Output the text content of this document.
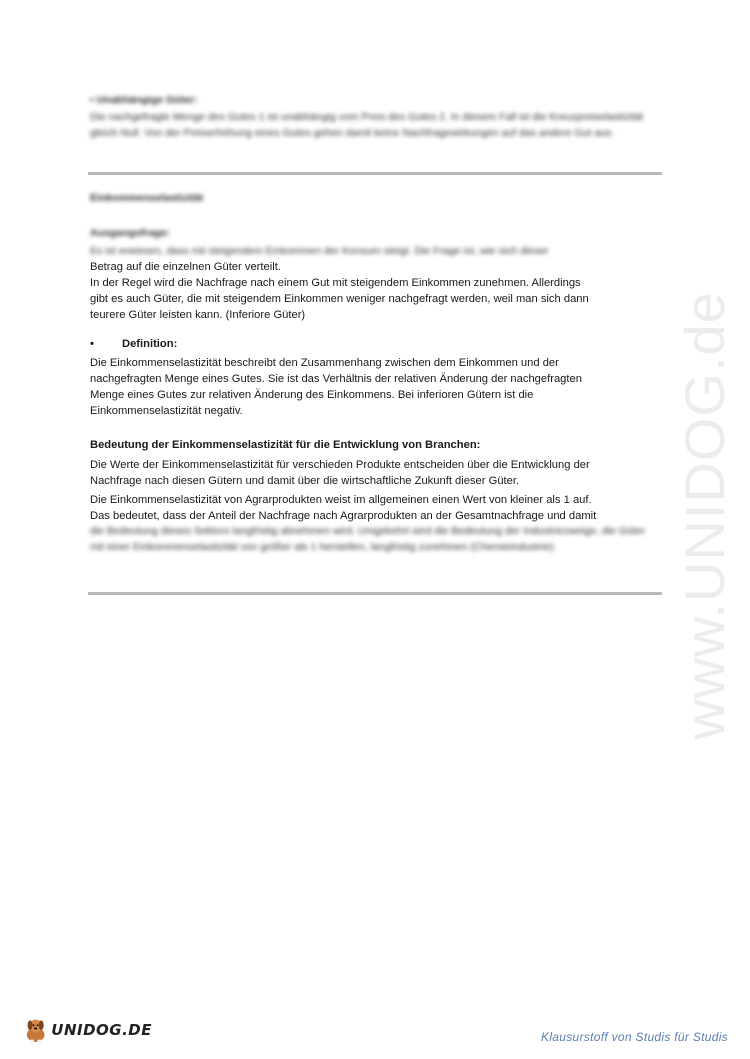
• Unabhängige Güter:
Die nachgefragte Menge des Gutes 1 ist unabhängig vom Preis des Gutes 2. In diesem Fall ist die Kreuzpreiselastizität gleich Null. Von der Preiserhöhung eines Gutes gehen damit keine Nachfragewirkungen auf das andere Gut aus.
Einkommenselastizität
Ausgangsfrage:
Es ist erwiesen, dass mit steigendem Einkommen der Konsum steigt. Die Frage ist, wie sich dieser
Betrag auf die einzelnen Güter verteilt.
In der Regel wird die Nachfrage nach einem Gut mit steigendem Einkommen zunehmen. Allerdings
gibt es auch Güter, die mit steigendem Einkommen weniger nachgefragt werden, weil man sich dann
teurere Güter leisten kann. (Inferiore Güter)
•	Definition:
Die Einkommenselastizität beschreibt den Zusammenhang zwischen dem Einkommen und der
nachgefragten Menge eines Gutes. Sie ist das Verhältnis der relativen Änderung der nachgefragten
Menge eines Gutes zur relativen Änderung des Einkommens. Bei inferioren Gütern ist die
Einkommenselastizität negativ.
Bedeutung der Einkommenselastizität für die Entwicklung von Branchen:
Die Werte der Einkommenselastizität für verschieden Produkte entscheiden über die Entwicklung der
Nachfrage nach diesen Gütern und damit über die wirtschaftliche Zukunft dieser Güter.
Die Einkommenselastizität von Agrarprodukten weist im allgemeinen einen Wert von kleiner als 1 auf.
Das bedeutet, dass der Anteil der Nachfrage nach Agrarprodukten an der Gesamtnachfrage und damit
die Bedeutung dieses Sektors langfristig abnehmen wird. Umgekehrt wird die Bedeutung der Industriezweige, die Güter mit einer Einkommenselastizität von größer als 1 herstellen, langfristig zunehmen (Chemieindustrie).	www.UNIDOG.de
UNIDOG.DE	Klausurstoff von Studis für Studis
